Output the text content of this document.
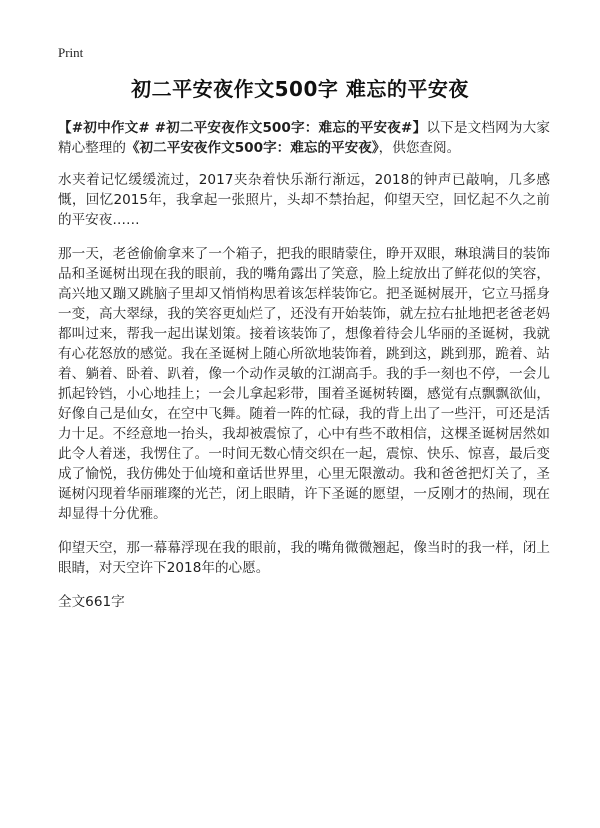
Print
初二平安夜作文500字 难忘的平安夜

【#初中作文# #初二平安夜作文500字：难忘的平安夜#】以下是文档网为大家精心整理的《初二平安夜作文500字：难忘的平安夜》，供您查阅。

水夹着记忆缓缓流过，2017夹杂着快乐渐行渐远，2018的钟声已敲响，几多感慨，回忆2015年，我拿起一张照片，头却不禁抬起，仰望天空，回忆起不久之前的平安夜……

那一天，老爸偷偷拿来了一个箱子，把我的眼睛蒙住，睁开双眼，琳琅满目的装饰品和圣诞树出现在我的眼前，我的嘴角露出了笑意，脸上绽放出了鲜花似的笑容，高兴地又蹦又跳脑子里却又悄悄构思着该怎样装饰它。把圣诞树展开，它立马摇身一变，高大翠绿，我的笑容更灿烂了，还没有开始装饰，就左拉右扯地把老爸老妈都叫过来，帮我一起出谋划策。接着该装饰了，想像着待会儿华丽的圣诞树，我就有心花怒放的感觉。我在圣诞树上随心所欲地装饰着，跳到这，跳到那，跪着、站着、躺着、卧着、趴着，像一个动作灵敏的江湖高手。我的手一刻也不停，一会儿抓起铃铛，小心地挂上；一会儿拿起彩带，围着圣诞树转圈，感觉有点飘飘欲仙，好像自己是仙女，在空中飞舞。随着一阵的忙碌，我的背上出了一些汗，可还是活力十足。不经意地一抬头，我却被震惊了，心中有些不敢相信，这棵圣诞树居然如此令人着迷，我愣住了。一时间无数心情交织在一起，震惊、快乐、惊喜，最后变成了愉悦，我仿佛处于仙境和童话世界里，心里无限激动。我和爸爸把灯关了，圣诞树闪现着华丽璀璨的光芒，闭上眼睛，许下圣诞的愿望，一反刚才的热闹，现在却显得十分优雅。

仰望天空，那一幕幕浮现在我的眼前，我的嘴角微微翘起，像当时的我一样，闭上眼睛，对天空许下2018年的心愿。

全文661字
